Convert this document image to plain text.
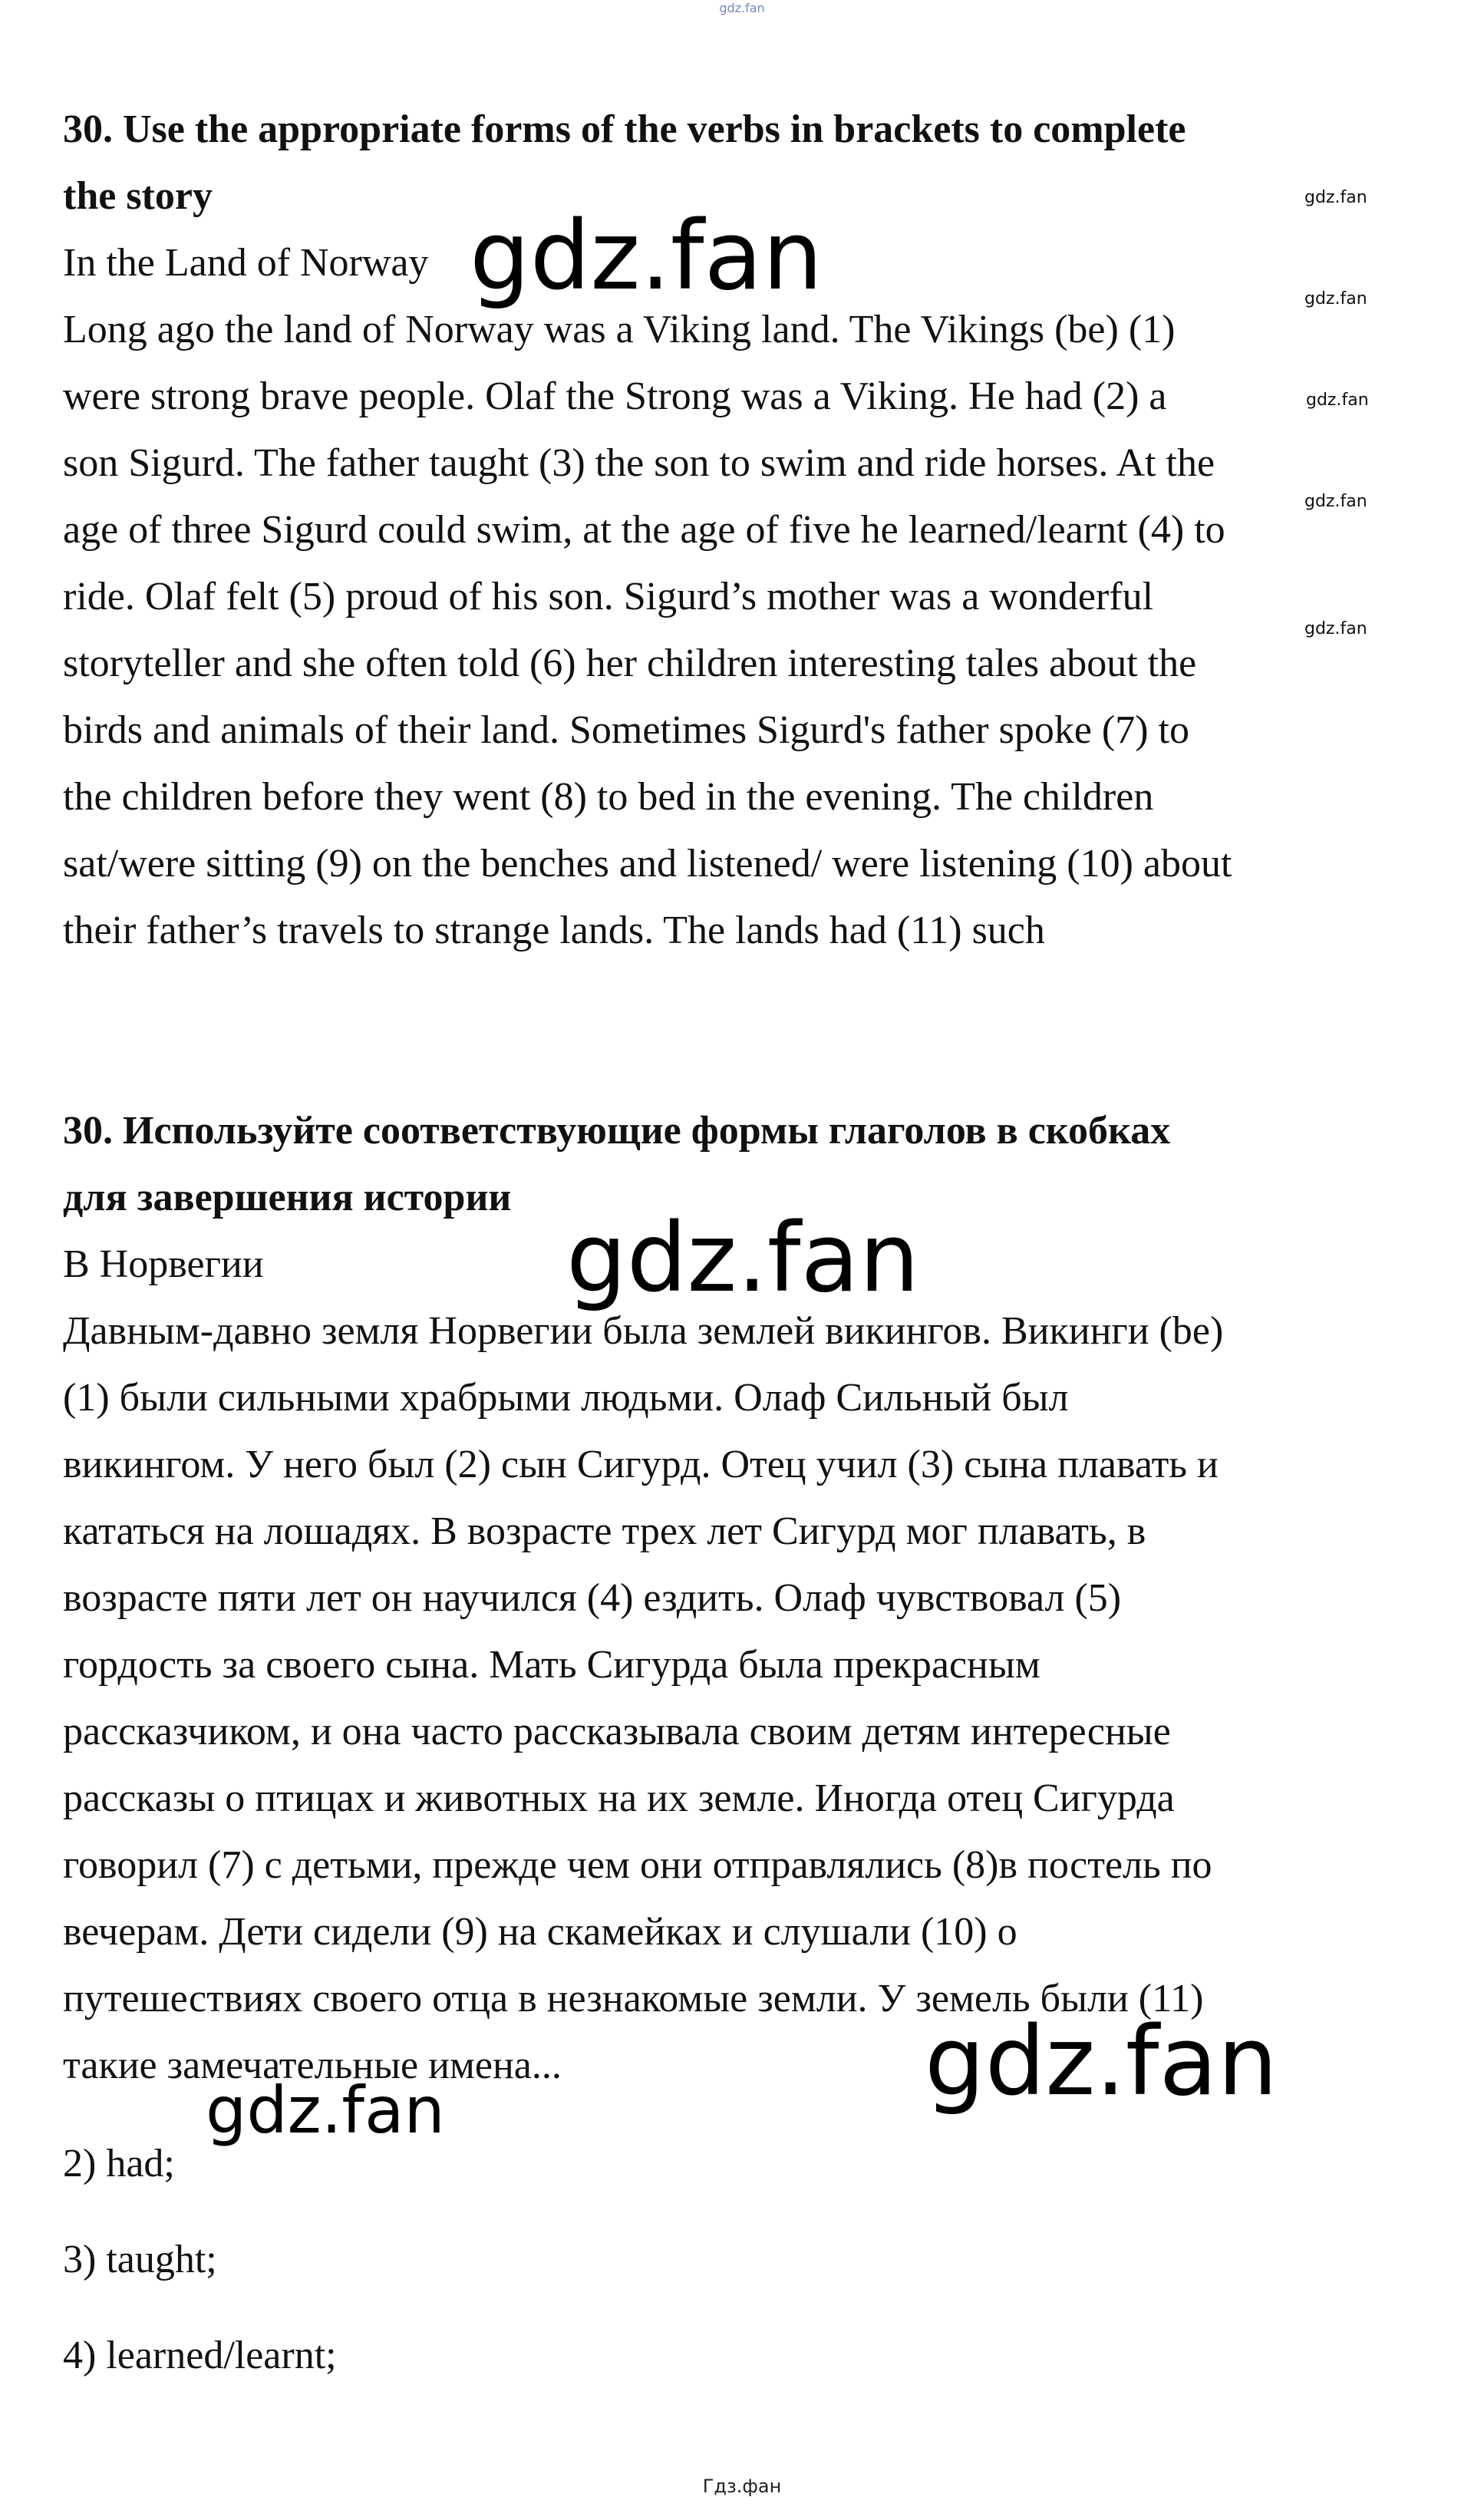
gdz.fan

30. Use the appropriate forms of the verbs in brackets to complete

the story

In the Land of Norway

Long ago the land of Norway was a Viking land. The Vikings (be) (1)

were strong brave people. Olaf the Strong was a Viking. He had (2) a

son Sigurd. The father taught (3) the son to swim and ride horses. At the

age of three Sigurd could swim, at the age of five he learned/learnt (4) to

ride. Olaf felt (5) proud of his son. Sigurd’s mother was a wonderful

storyteller and she often told (6) her children interesting tales about the

birds and animals of their land. Sometimes Sigurd's father spoke (7) to

the children before they went (8) to bed in the evening. The children

sat/were sitting (9) on the benches and listened/ were listening (10) about

their father’s travels to strange lands. The lands had (11) such

30. Используйте соответствующие формы глаголов в скобках

для завершения истории

В Норвегии

Давным-давно земля Норвегии была землей викингов. Викинги (be)

(1) были сильными храбрыми людьми. Олаф Сильный был

викингом. У него был (2) сын Сигурд. Отец учил (3) сына плавать и

кататься на лошадях. В возрасте трех лет Сигурд мог плавать, в

возрасте пяти лет он научился (4) ездить. Олаф чувствовал (5)

гордость за своего сына. Мать Сигурда была прекрасным

рассказчиком, и она часто рассказывала своим детям интересные

рассказы о птицах и животных на их земле. Иногда отец Сигурда

говорил (7) с детьми, прежде чем они отправлялись (8)в постель по

вечерам. Дети сидели (9) на скамейках и слушали (10) о

путешествиях своего отца в незнакомые земли. У земель были (11)

такие замечательные имена...

2) had;
3) taught;
4) learned/learnt;
gdz.fan
gdz.fan
gdz.fan
gdz.fan
gdz.fan
gdz.fan
gdz.fan
gdz.fan
gdz.fan
Гдз.фан
